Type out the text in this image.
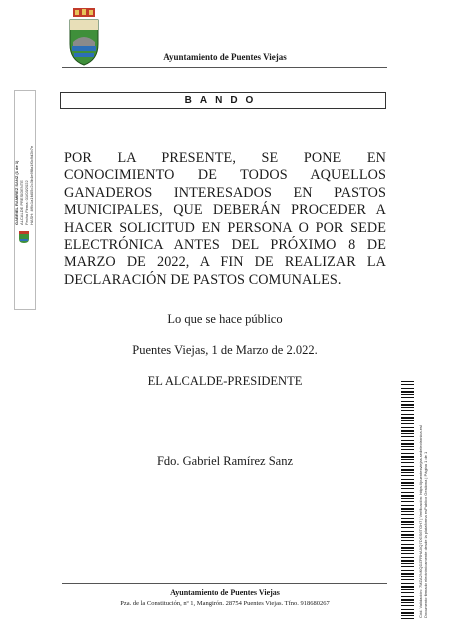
Ayuntamiento de Puentes Viejas
BANDO
POR LA PRESENTE, SE PONE EN CONOCIMIENTO DE TODOS AQUELLOS GANADEROS INTERESADOS EN PASTOS MUNICIPALES, QUE DEBERÁN PROCEDER A HACER SOLICITUD EN PERSONA O POR SEDE ELECTRÓNICA ANTES DEL PRÓXIMO 8 DE MARZO DE 2022, A FIN DE REALIZAR LA DECLARACIÓN DE PASTOS COMUNALES.
Lo que se hace público
Puentes Viejas, 1 de Marzo de 2.022.
EL ALCALDE-PRESIDENTE
Fdo. Gabriel Ramírez Sanz
Ayuntamiento de Puentes Viejas
Pza. de la Constitución, nº 1, Mangirón. 28754 Puentes Viejas. Tfno. 918680267
GABRIEL RAMIREZ SANZ (1 de 1) ALCALDE PRESIDENTE Fecha Firma: 01/03/2022 HASH: 4f6c1a1fd05c2c3b4e6f8a1f0c9d2b7e
Cód. Validación: 7MZA2NKQDZFRHAXQ7DGS6TGH7 | Verificación: https://puentesviejas.sedelectronica.es/ Documento firmado electrónicamente desde la plataforma esPublico Gestiona | Página 1 de 1
